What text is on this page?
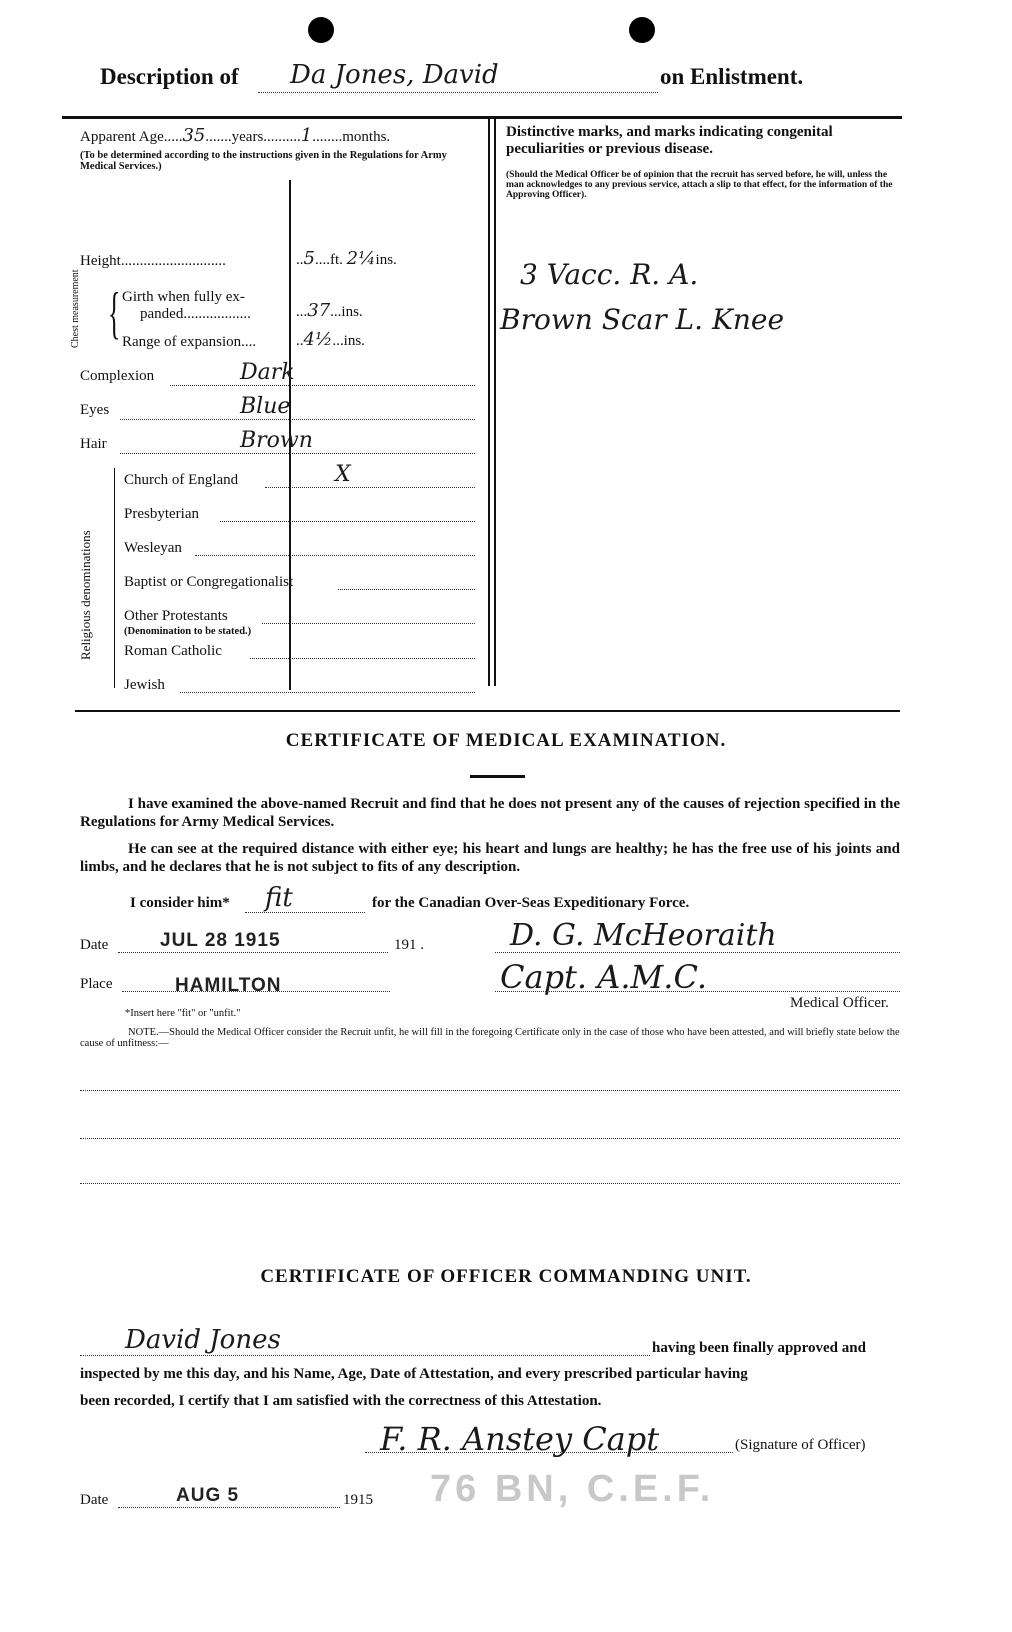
Description of Da Jones, David	on Enlistment.
Apparent Age.....35.......years..........1........months.
(To be determined according to the instructions given in the Regulations for Army Medical Services.)
Height............................	..5....ft. 2¼ins.
Chest measurement	{ Girth when fully ex-
panded..................	...37...ins.
Range of expansion....	..4½...ins.
Complexion	Dark
Eyes	Blue
Hair	Brown
Religious denominations
Church of England	X
Presbyterian
Wesleyan
Baptist or Congregationalist
Other Protestants
(Denomination to be stated.)
Roman Catholic
Jewish
Distinctive marks, and marks indicating congenital peculiarities or previous disease.
(Should the Medical Officer be of opinion that the recruit has served before, he will, unless the man acknowledges to any previous service, attach a slip to that effect, for the information of the Approving Officer).
3 Vacc. R. A.
Brown Scar L. Knee
CERTIFICATE OF MEDICAL EXAMINATION.
I have examined the above-named Recruit and find that he does not present any of the causes of rejection specified in the Regulations for Army Medical Services.
He can see at the required distance with either eye; his heart and lungs are healthy; he has the free use of his joints and limbs, and he declares that he is not subject to fits of any description.
I consider him* fit	for the Canadian Over-Seas Expeditionary Force.
Date	JUL 28 1915	191 .	D. G. McHeoraith
Place	HAMILTON	Capt. A.M.C.
Medical Officer.
*Insert here "fit" or "unfit."
NOTE.—Should the Medical Officer consider the Recruit unfit, he will fill in the foregoing Certificate only in the case of those who have been attested, and will briefly state below the cause of unfitness:—
CERTIFICATE OF OFFICER COMMANDING UNIT.
David Jones	having been finally approved and
inspected by me this day, and his Name, Age, Date of Attestation, and every prescribed particular having
been recorded, I certify that I am satisfied with the correctness of this Attestation.
F. R. Anstey Capt	(Signature of Officer)
Date	AUG 5	1915 76 BN, C.E.F.
